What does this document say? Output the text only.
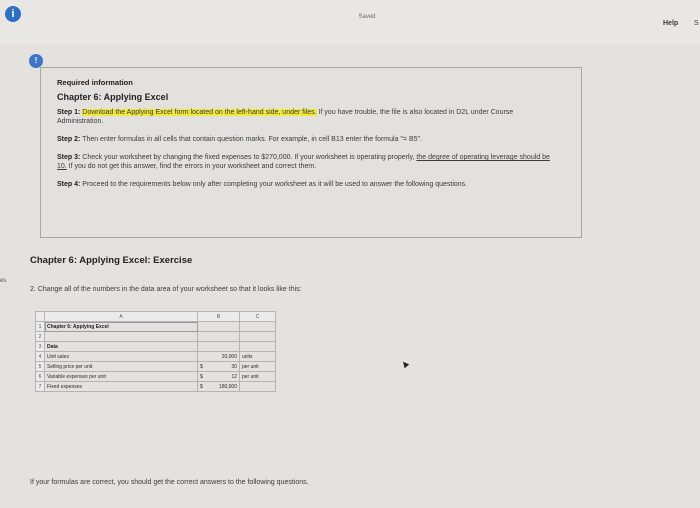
i	Saved
Help S
es
Required information
Chapter 6: Applying Excel
Step 1: Download the Applying Excel form located on the left-hand side, under files. If you have trouble, the file is also located in D2L under Course Administration.
Step 2: Then enter formulas in all cells that contain question marks. For example, in cell B13 enter the formula "= B5".
Step 3: Check your worksheet by changing the fixed expenses to $270,000. If your worksheet is operating properly, the degree of operating leverage should be 10. If you do not get this answer, find the errors in your worksheet and correct them.
Step 4: Proceed to the requirements below only after completing your worksheet as it will be used to answer the following questions.
!
Chapter 6: Applying Excel: Exercise
2. Change all of the numbers in the data area of your worksheet so that it looks like this:
	A	B	C
1	Chapter 6: Applying Excel		
2			
3	Data		
4	Unit sales	20,000	units
5	Selling price per unit	$ 30	per unit
6	Variable expenses per unit	$ 12	per unit
7	Fixed expenses	$ 180,000	

If your formulas are correct, you should get the correct answers to the following questions.
